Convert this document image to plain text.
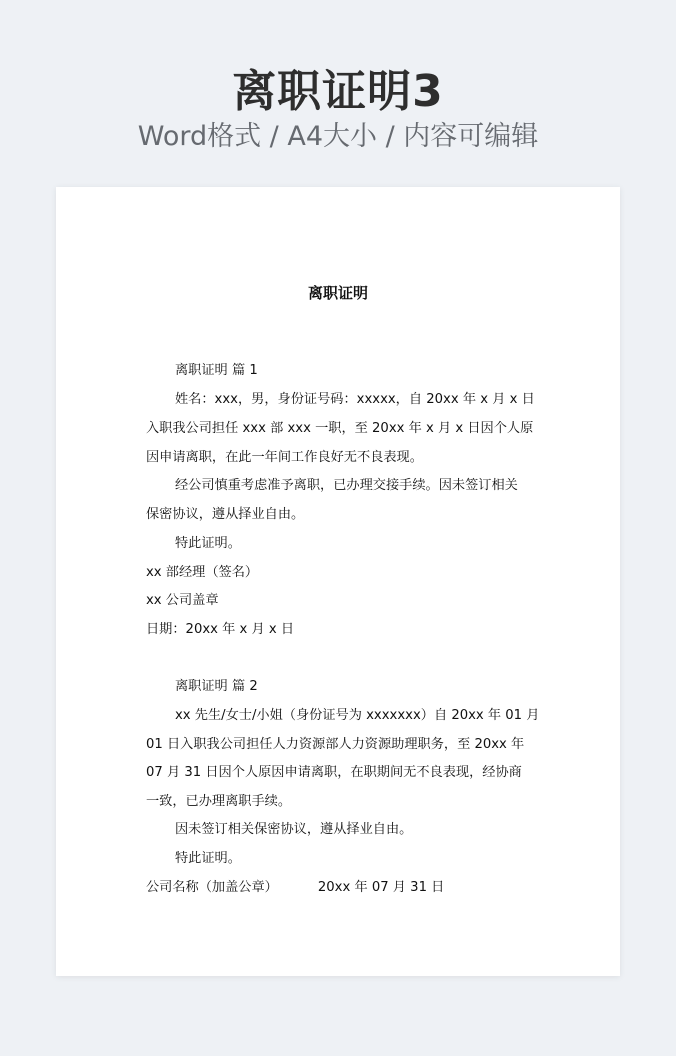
离职证明3
Word格式 / A4大小 / 内容可编辑
离职证明
离职证明 篇 1
姓名：xxx，男，身份证号码：xxxxx，自 20xx 年 x 月 x 日
入职我公司担任 xxx 部 xxx 一职，至 20xx 年 x 月 x 日因个人原
因申请离职，在此一年间工作良好无不良表现。
经公司慎重考虑准予离职，已办理交接手续。因未签订相关
保密协议，遵从择业自由。
特此证明。
xx 部经理（签名）
xx 公司盖章
日期：20xx 年 x 月 x 日
离职证明 篇 2
xx 先生/女士/小姐（身份证号为 xxxxxxx）自 20xx 年 01 月
01 日入职我公司担任人力资源部人力资源助理职务，至 20xx 年
07 月 31 日因个人原因申请离职，在职期间无不良表现，经协商
一致，已办理离职手续。
因未签订相关保密协议，遵从择业自由。
特此证明。
公司名称（加盖公章）	20xx 年 07 月 31 日
